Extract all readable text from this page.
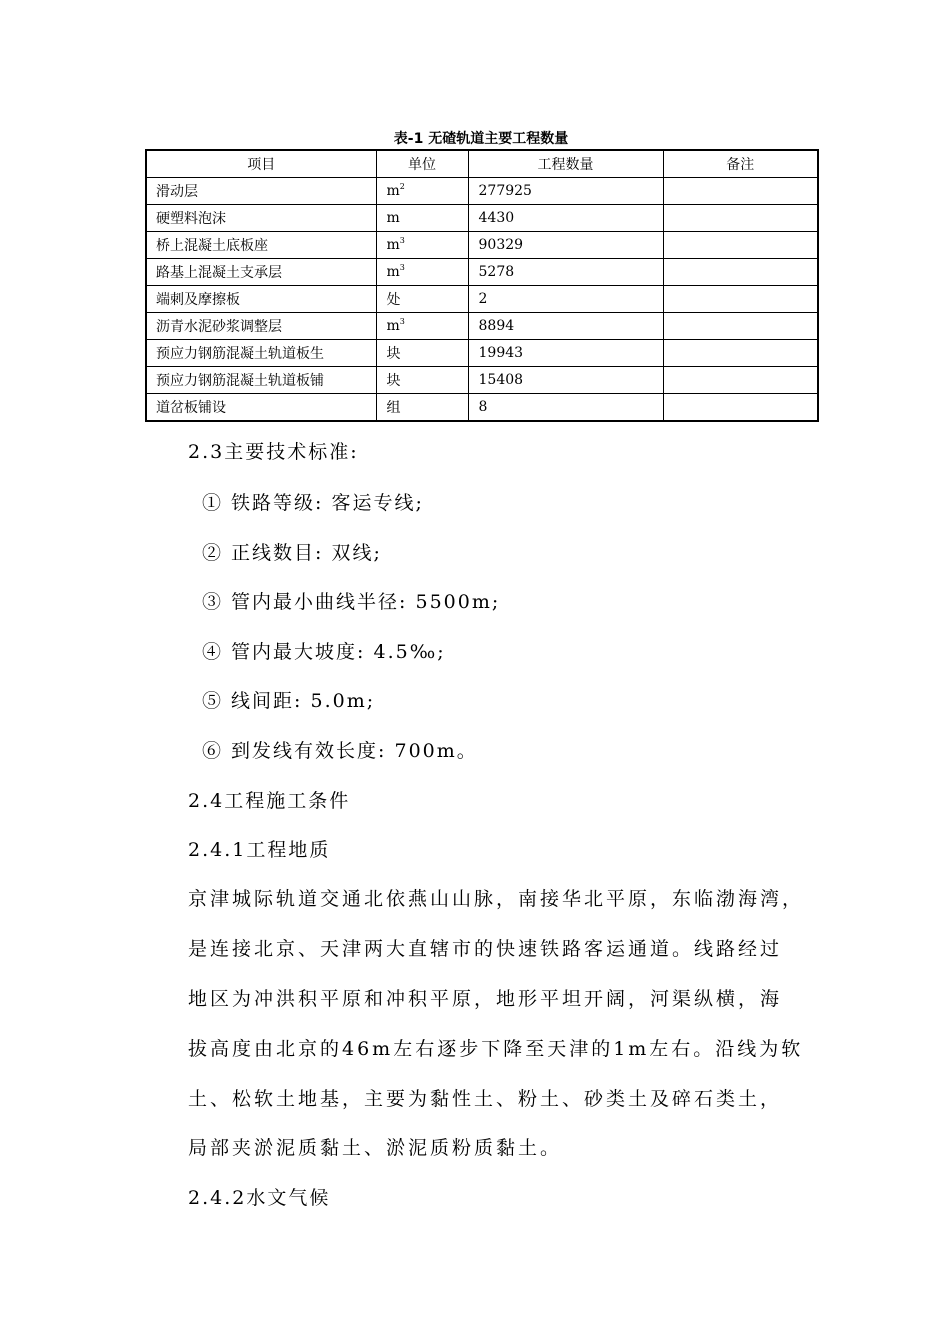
表-1 无碴轨道主要工程数量
项目	单位	工程数量	备注
滑动层	$m^2$	277925	
硬塑料泡沫	m	4430	
桥上混凝土底板座	$m^3$	90329	
路基上混凝土支承层	$m^3$	5278	
端刺及摩擦板	处	2	
沥青水泥砂浆调整层	$m^3$	8894	
预应力钢筋混凝土轨道板生	块	19943	
预应力钢筋混凝土轨道板铺	块	15408	
道岔板铺设	组	8	
2.3主要技术标准:
① 铁路等级: 客运专线;
② 正线数目: 双线;
③ 管内最小曲线半径: 5500m;
④ 管内最大坡度: 4.5‰;
⑤ 线间距: 5.0m;
⑥ 到发线有效长度: 700m。
2.4工程施工条件
2.4.1工程地质
京津城际轨道交通北依燕山山脉，南接华北平原，东临渤海湾，
是连接北京、天津两大直辖市的快速铁路客运通道。线路经过
地区为冲洪积平原和冲积平原，地形平坦开阔，河渠纵横，海
拔高度由北京的46m左右逐步下降至天津的1m左右。沿线为软
土、松软土地基，主要为黏性土、粉土、砂类土及碎石类土，
局部夹淤泥质黏土、淤泥质粉质黏土。
2.4.2水文气候
